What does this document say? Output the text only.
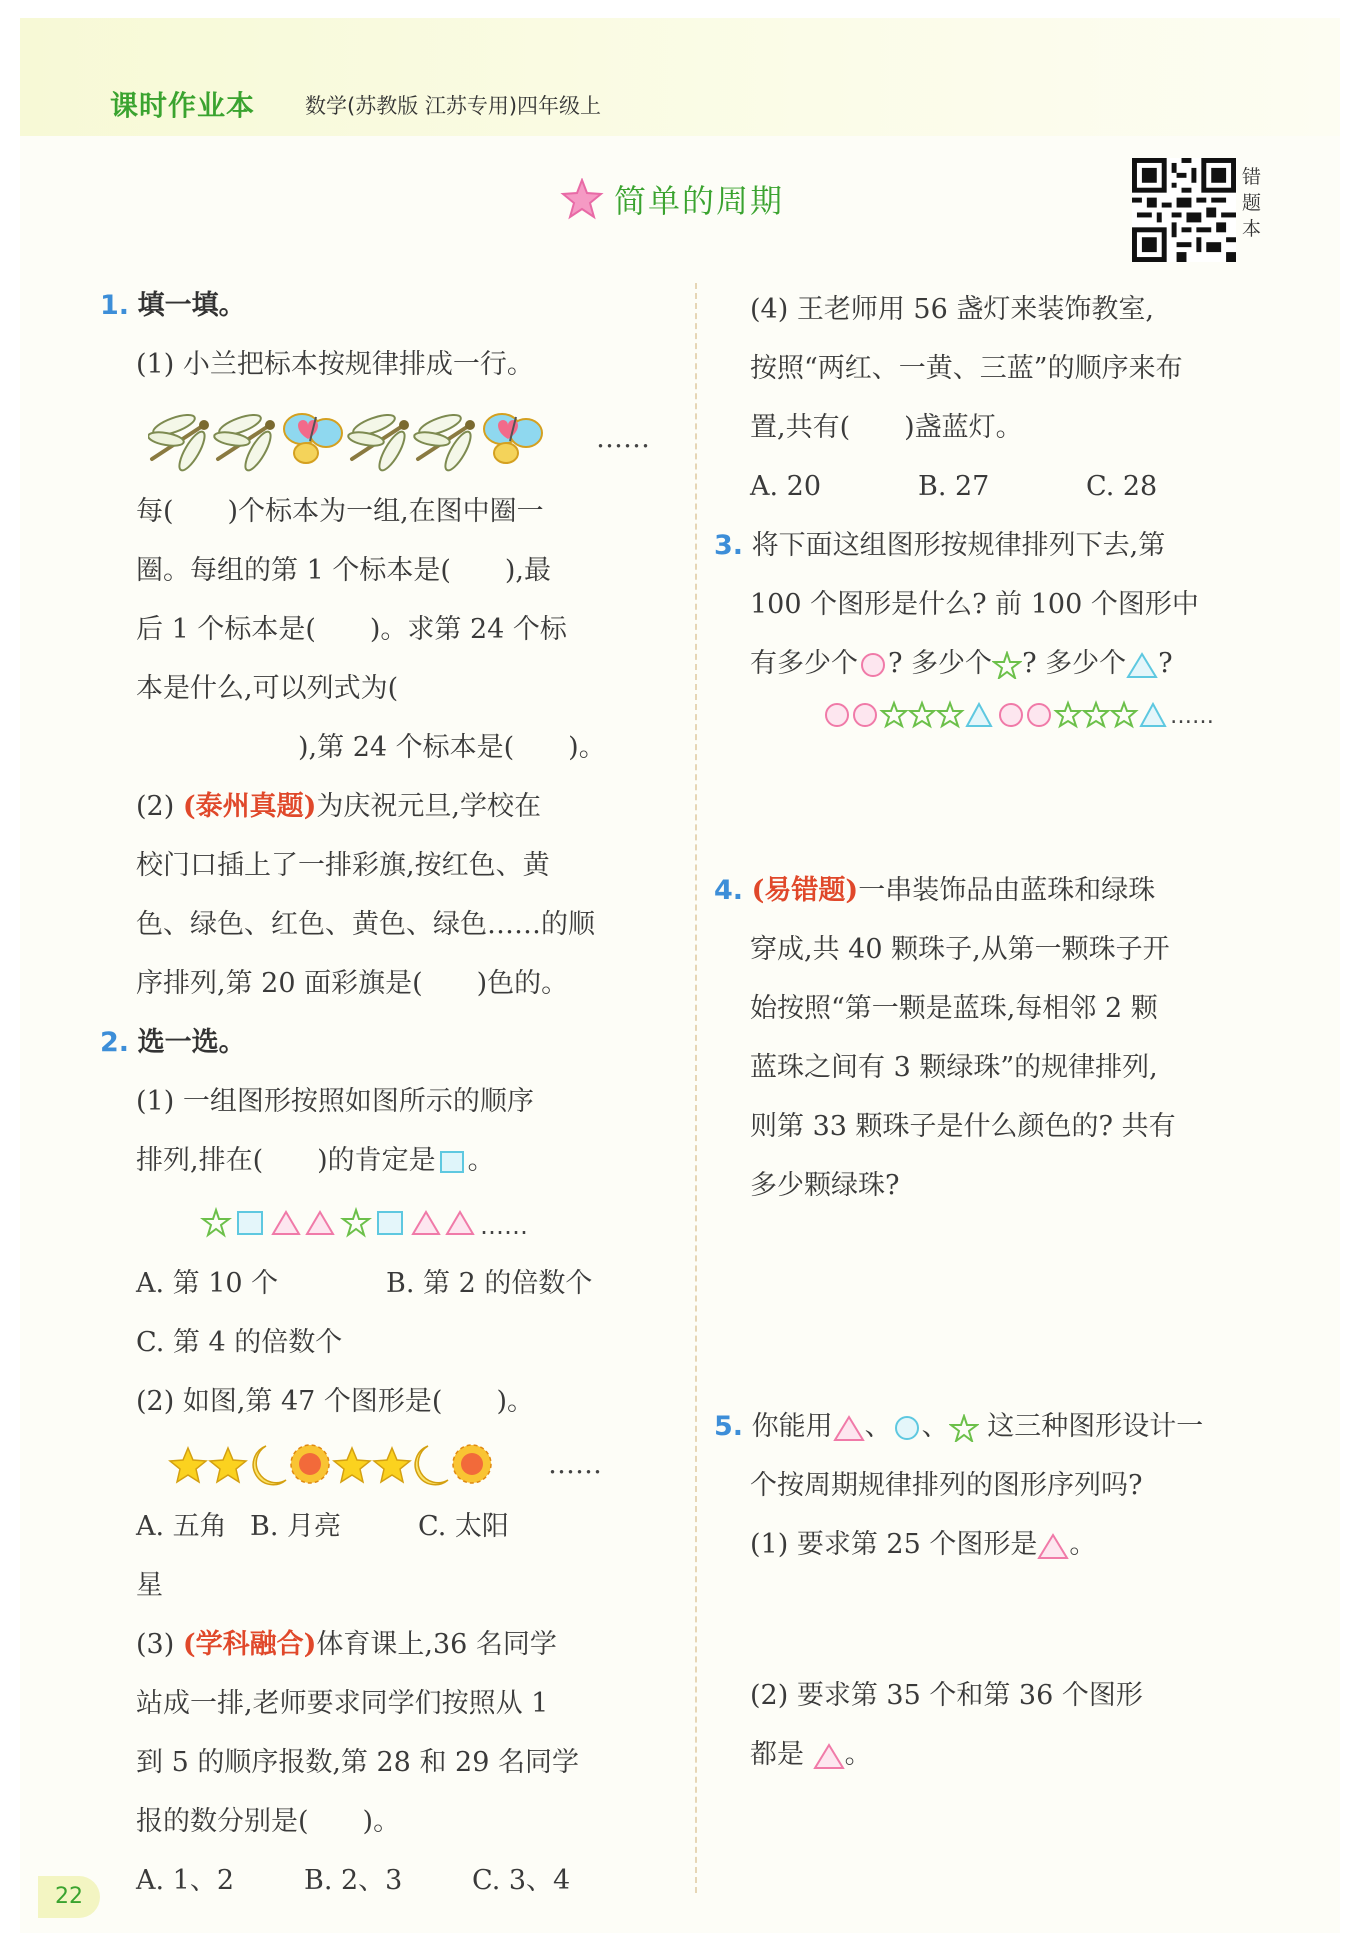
课时作业本 数学(苏教版 江苏专用)四年级上
简单的周期
错
题
本

1. 填一填。

(1) 小兰把标本按规律排成一行。

……

每(　　)个标本为一组,在图中圈一

圈。每组的第 1 个标本是(　　),最

后 1 个标本是(　　)。求第 24 个标

本是什么,可以列式为(

　　　　　　),第 24 个标本是(　　)。

(2) (泰州真题)为庆祝元旦,学校在

校门口插上了一排彩旗,按红色、黄

色、绿色、红色、黄色、绿色……的顺

序排列,第 20 面彩旗是(　　)色的。

2. 选一选。

(1) 一组图形按照如图所示的顺序

排列,排在(　　)的肯定是 。

……
A. 第 10 个	B. 第 2 的倍数个

C. 第 4 的倍数个

(2) 如图,第 47 个图形是(　　)。

……
A. 五角星
B. 月亮	C. 太阳

(3) (学科融合)体育课上,36 名同学

站成一排,老师要求同学们按照从 1

到 5 的顺序报数,第 28 和 29 名同学

报的数分别是(　　)。

A. 1、2	B. 2、3	C. 3、4

(4) 王老师用 56 盏灯来装饰教室,

按照“两红、一黄、三蓝”的顺序来布

置,共有(　　)盏蓝灯。

A. 20	B. 27	C. 28

3. 将下面这组图形按规律排列下去,第

100 个图形是什么? 前 100 个图形中

有多少个 ? 多少个 ? 多少个 ?

……

4. (易错题)一串装饰品由蓝珠和绿珠

穿成,共 40 颗珠子,从第一颗珠子开

始按照“第一颗是蓝珠,每相邻 2 颗

蓝珠之间有 3 颗绿珠”的规律排列,

则第 33 颗珠子是什么颜色的? 共有

多少颗绿珠?

5. 你能用 、 、 这三种图形设计一

个按周期规律排列的图形序列吗?

(1) 要求第 25 个图形是 。

(2) 要求第 35 个和第 36 个图形

都是 。

22
